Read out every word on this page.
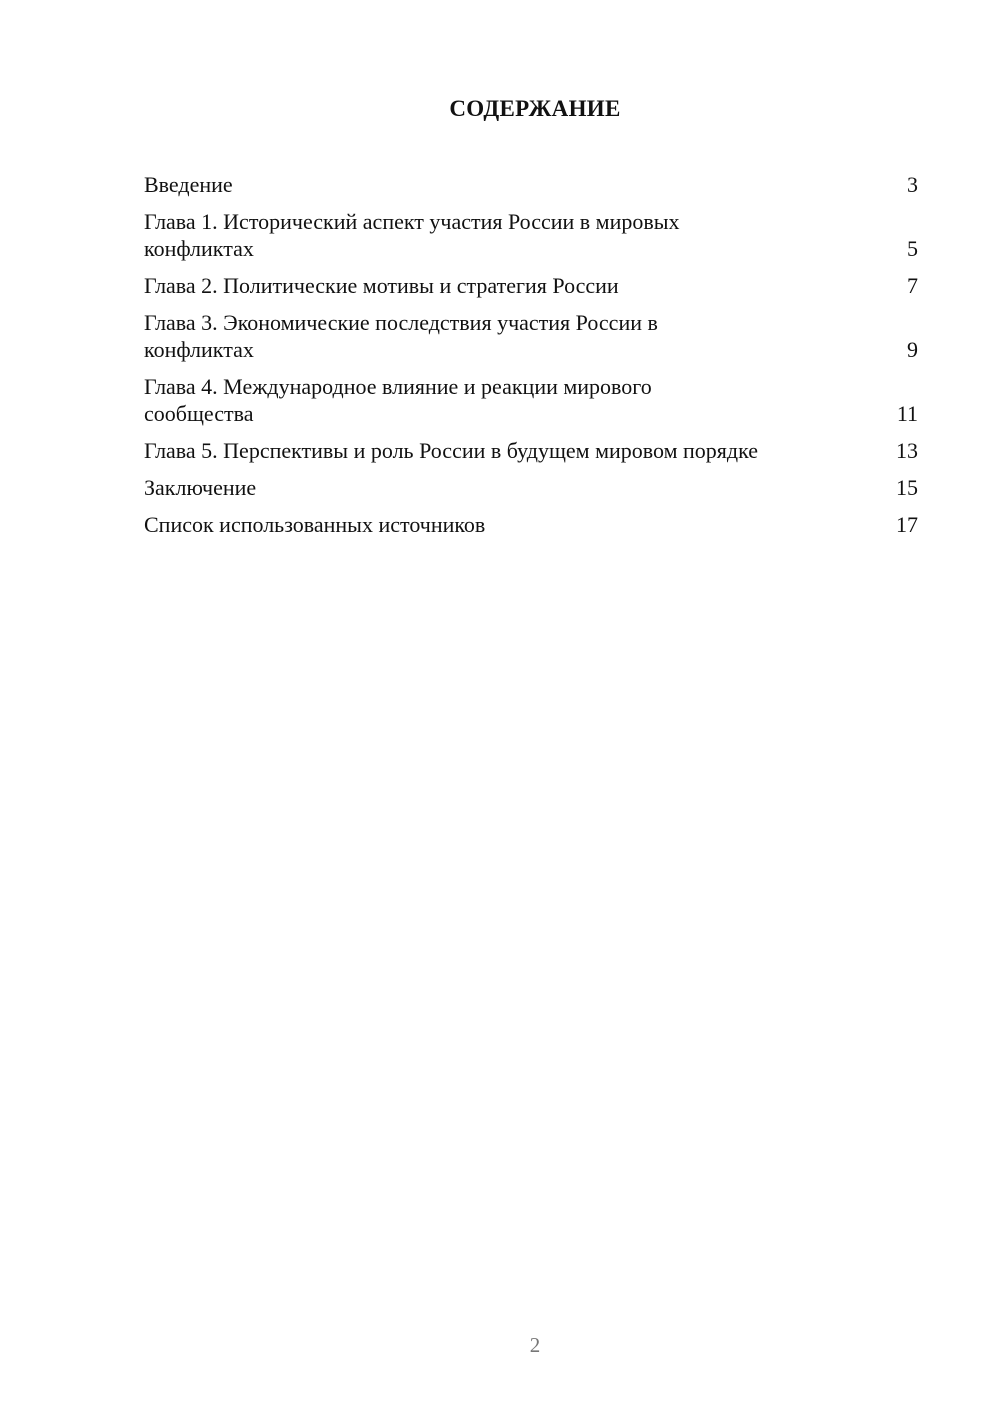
СОДЕРЖАНИЕ
Введение	3
Глава 1. Исторический аспект участия России в мировых конфликтах	5
Глава 2. Политические мотивы и стратегия России	7
Глава 3. Экономические последствия участия России в конфликтах	9
Глава 4. Международное влияние и реакции мирового сообщества	11
Глава 5. Перспективы и роль России в будущем мировом порядке	13
Заключение	15
Список использованных источников	17
2
